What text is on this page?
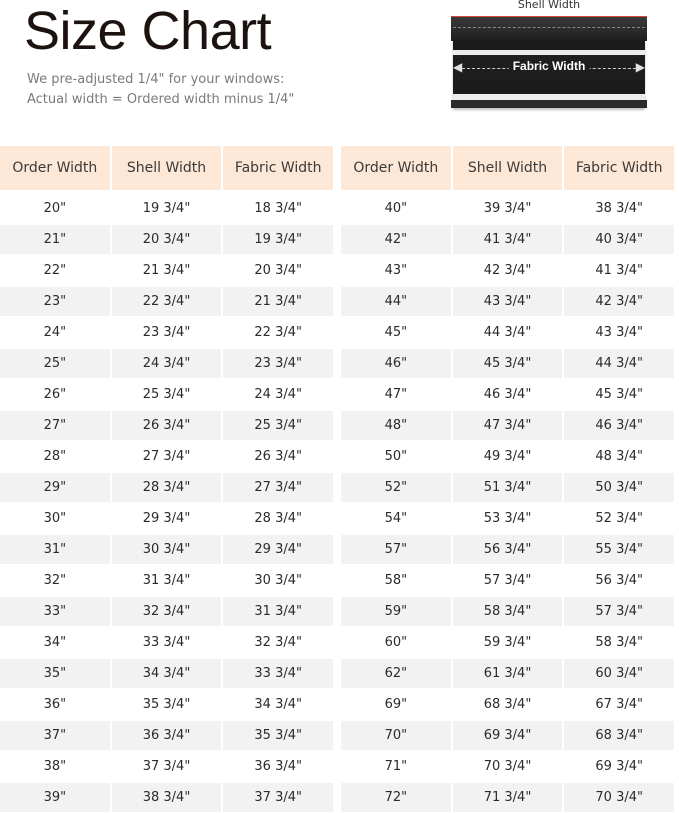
Size Chart
We pre-adjusted 1/4" for your windows:
Actual width = Ordered width minus 1/4"
Shell Width
◀	▶
Fabric Width
Order Width	Shell Width	Fabric Width
20"	19 3/4"	18 3/4"
21"	20 3/4"	19 3/4"
22"	21 3/4"	20 3/4"
23"	22 3/4"	21 3/4"
24"	23 3/4"	22 3/4"
25"	24 3/4"	23 3/4"
26"	25 3/4"	24 3/4"
27"	26 3/4"	25 3/4"
28"	27 3/4"	26 3/4"
29"	28 3/4"	27 3/4"
30"	29 3/4"	28 3/4"
31"	30 3/4"	29 3/4"
32"	31 3/4"	30 3/4"
33"	32 3/4"	31 3/4"
34"	33 3/4"	32 3/4"
35"	34 3/4"	33 3/4"
36"	35 3/4"	34 3/4"
37"	36 3/4"	35 3/4"
38"	37 3/4"	36 3/4"
39"	38 3/4"	37 3/4"
Order Width	Shell Width	Fabric Width
40"	39 3/4"	38 3/4"
42"	41 3/4"	40 3/4"
43"	42 3/4"	41 3/4"
44"	43 3/4"	42 3/4"
45"	44 3/4"	43 3/4"
46"	45 3/4"	44 3/4"
47"	46 3/4"	45 3/4"
48"	47 3/4"	46 3/4"
50"	49 3/4"	48 3/4"
52"	51 3/4"	50 3/4"
54"	53 3/4"	52 3/4"
57"	56 3/4"	55 3/4"
58"	57 3/4"	56 3/4"
59"	58 3/4"	57 3/4"
60"	59 3/4"	58 3/4"
62"	61 3/4"	60 3/4"
69"	68 3/4"	67 3/4"
70"	69 3/4"	68 3/4"
71"	70 3/4"	69 3/4"
72"	71 3/4"	70 3/4"
